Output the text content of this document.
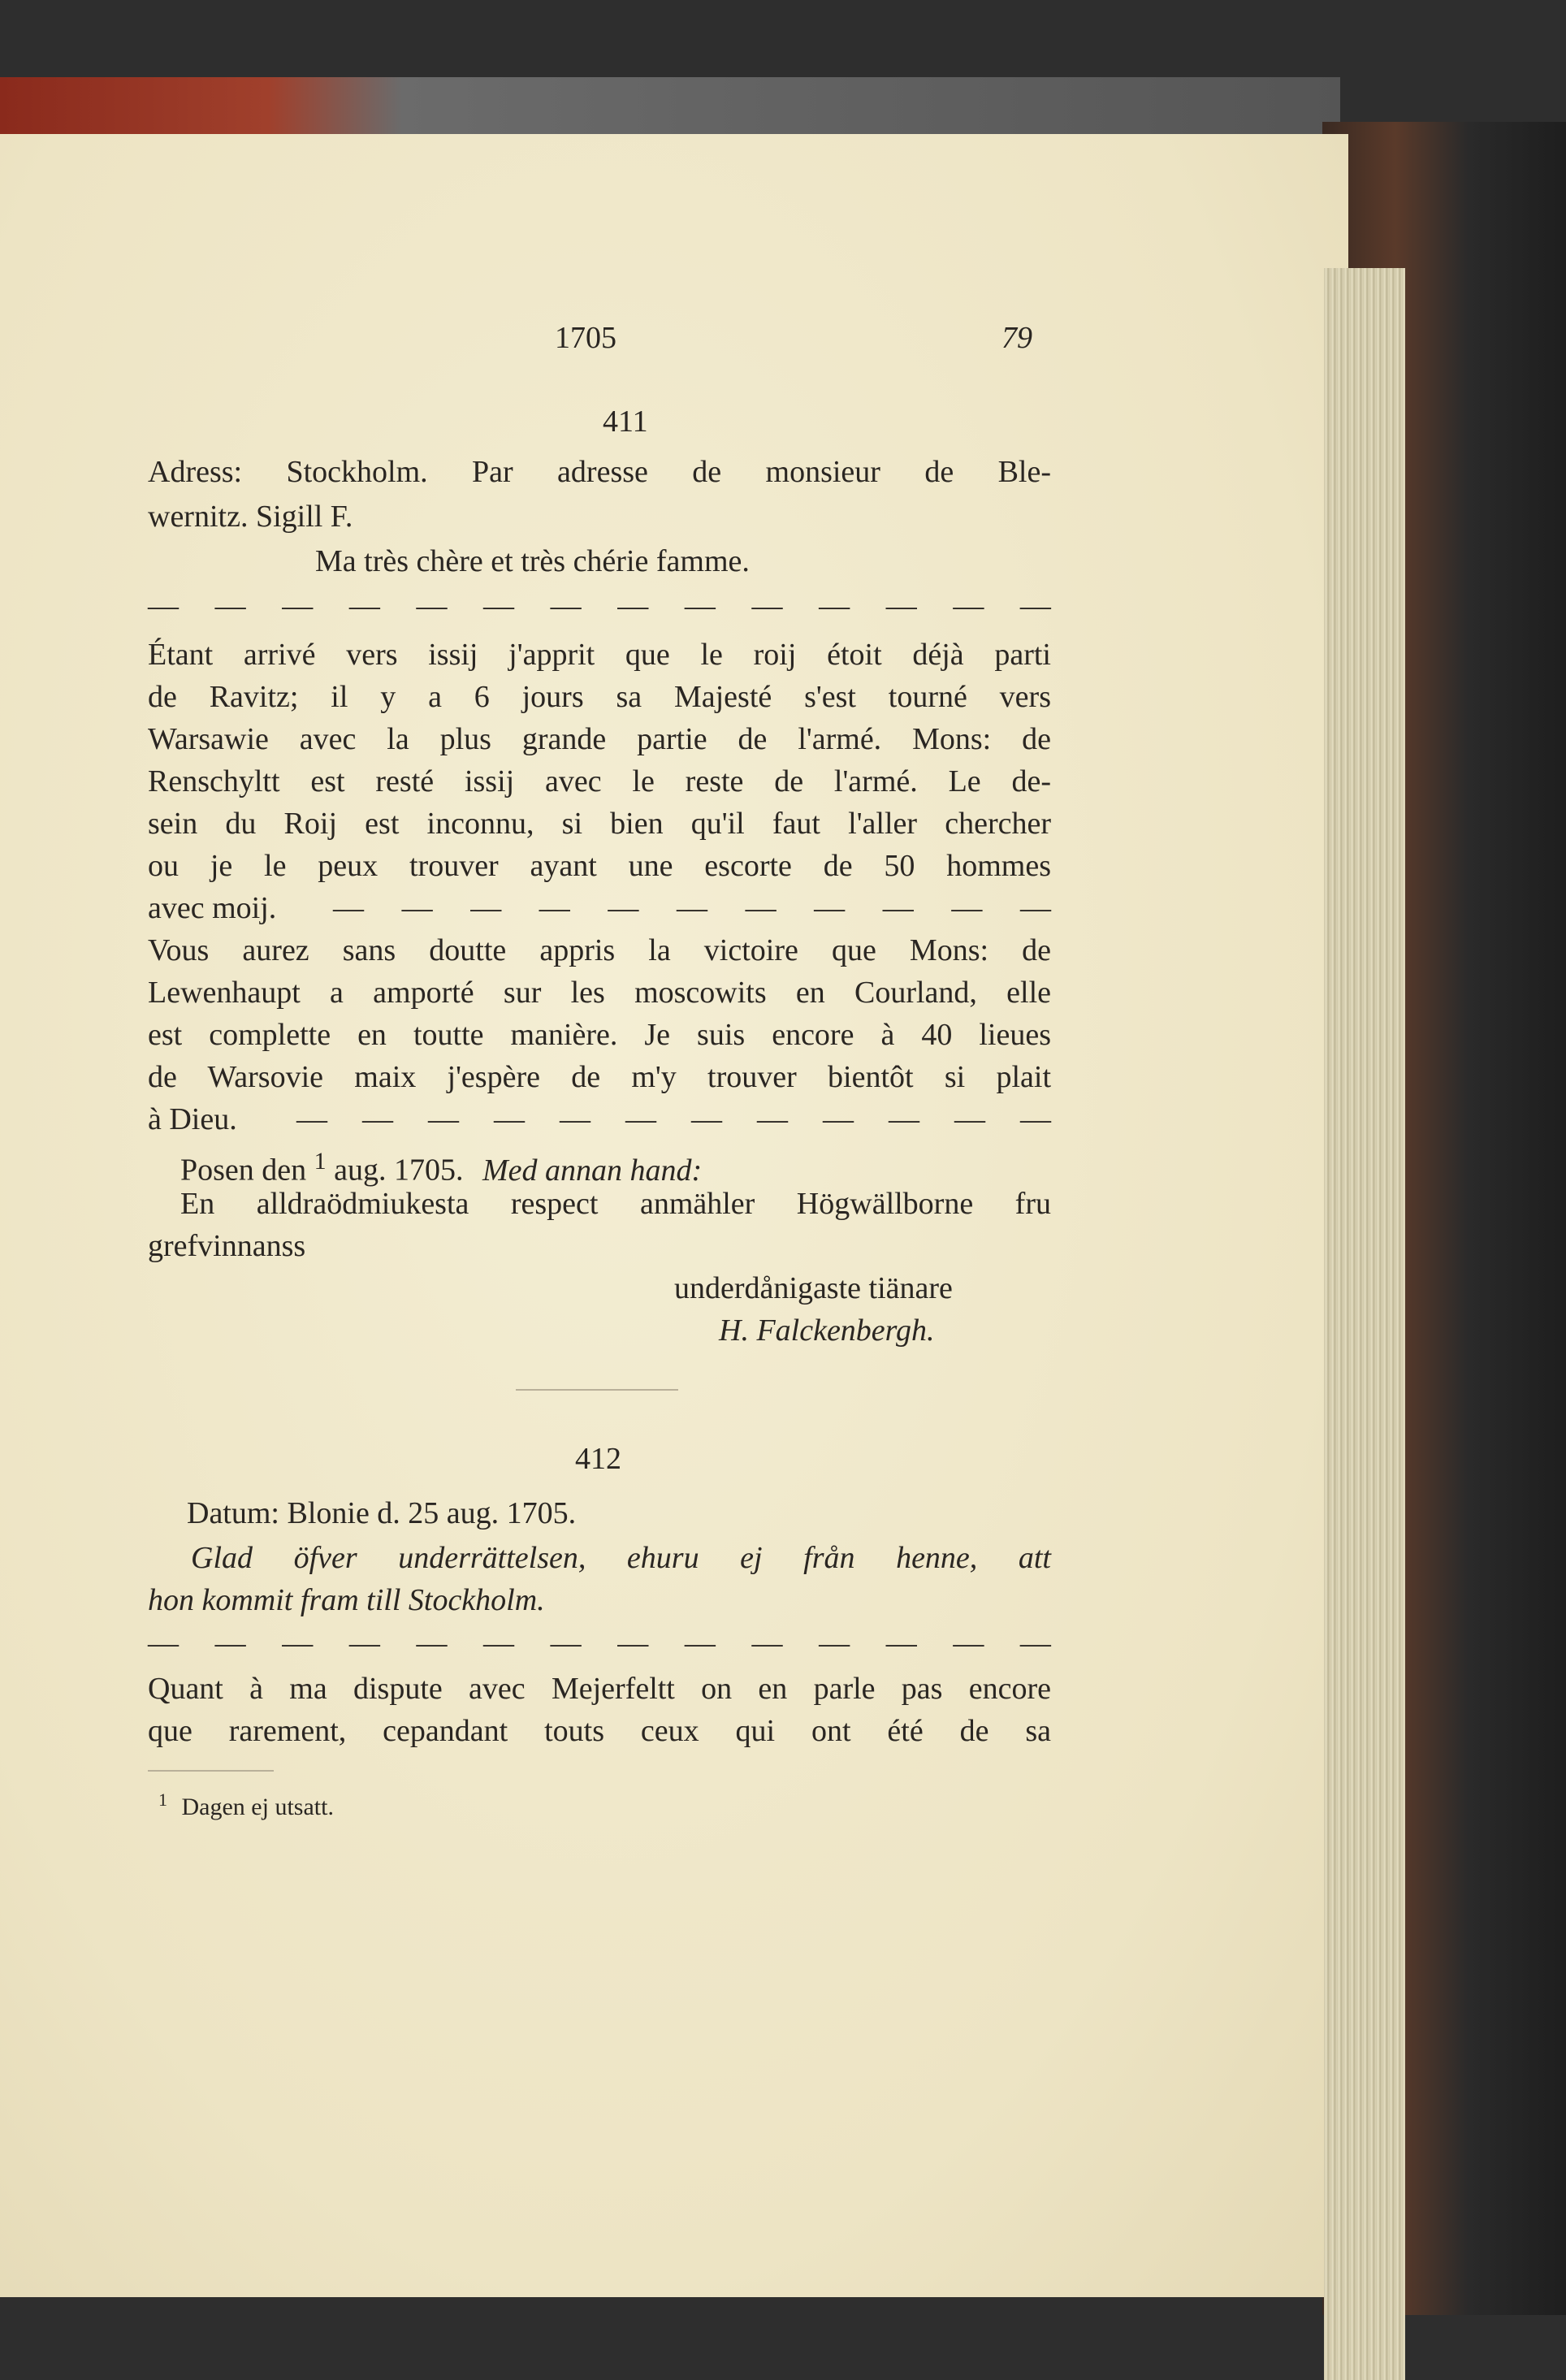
1705	79
411
Adress: Stockholm. Par adresse de monsieur de Ble-
wernitz. Sigill F.
Ma très chère et très chérie famme.
— — — — — — — — — — — — — —
Étant arrivé vers issij j'apprit que le roij étoit déjà parti
de Ravitz; il y a 6 jours sa Majesté s'est tourné vers
Warsawie avec la plus grande partie de l'armé. Mons: de
Renschyltt est resté issij avec le reste de l'armé. Le de-
sein du Roij est inconnu, si bien qu'il faut l'aller chercher
ou je le peux trouver ayant une escorte de 50 hommes
avec moij. — — — — — — — — — — —
Vous aurez sans doutte appris la victoire que Mons: de
Lewenhaupt a amporté sur les moscowits en Courland, elle
est complette en toutte manière. Je suis encore à 40 lieues
de Warsovie maix j'espère de m'y trouver bientôt si plait
à Dieu. — — — — — — — — — — — —
Posen den $^1$ aug. 1705. Med annan hand:
En alldraödmiukesta respect anmähler Högwällborne fru
grefvinnanss
underdånigaste tiänare
H. Falckenbergh.
412
Datum: Blonie d. 25 aug. 1705.
Glad öfver underrättelsen, ehuru ej från henne, att
hon kommit fram till Stockholm.
— — — — — — — — — — — — — —
Quant à ma dispute avec Mejerfeltt on en parle pas encore
que rarement, cepandant touts ceux qui ont été de sa
$^1$ Dagen ej utsatt.
